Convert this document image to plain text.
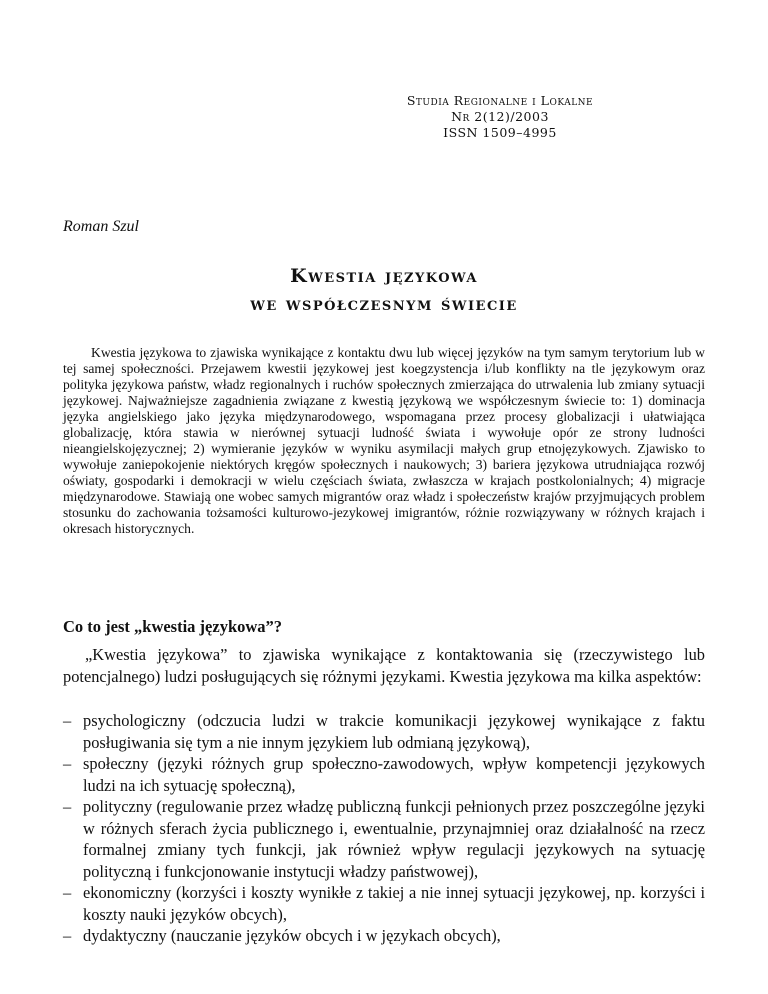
Studia Regionalne i Lokalne
Nr 2(12)/2003
ISSN 1509–4995
Roman Szul
Kwestia językowa
we współczesnym świecie

Kwestia językowa to zjawiska wynikające z kontaktu dwu lub więcej języków na tym samym terytorium lub w tej samej społeczności. Przejawem kwestii językowej jest koegzystencja i/lub konflikty na tle językowym oraz polityka językowa państw, władz regionalnych i ruchów społecznych zmierzająca do utrwalenia lub zmiany sytuacji językowej. Najważniejsze zagadnienia związane z kwestią językową we współczesnym świecie to: 1) dominacja języka angielskiego jako języka międzynarodowego, wspomagana przez procesy globalizacji i ułatwiająca globalizację, która stawia w nierównej sytuacji ludność świata i wywołuje opór ze strony ludności nieangielskojęzycznej; 2) wymieranie języków w wyniku asymilacji małych grup etnojęzykowych. Zjawisko to wywołuje zaniepokojenie niektórych kręgów społecznych i naukowych; 3) bariera językowa utrudniająca rozwój oświaty, gospodarki i demokracji w wielu częściach świata, zwłaszcza w krajach postkolonialnych; 4) migracje międzynarodowe. Stawiają one wobec samych migrantów oraz władz i społeczeństw krajów przyjmujących problem stosunku do zachowania tożsamości kulturowo-jezykowej imigrantów, różnie rozwiązywany w różnych krajach i okresach historycznych.

Co to jest „kwestia językowa”?

„Kwestia językowa” to zjawiska wynikające z kontaktowania się (rzeczywistego lub potencjalnego) ludzi posługujących się różnymi językami. Kwestia językowa ma kilka aspektów:

– psychologiczny (odczucia ludzi w trakcie komunikacji językowej wynikające z faktu posługiwania się tym a nie innym językiem lub odmianą językową),
– społeczny (języki różnych grup społeczno-zawodowych, wpływ kompetencji językowych ludzi na ich sytuację społeczną),
– polityczny (regulowanie przez władzę publiczną funkcji pełnionych przez poszczególne języki w różnych sferach życia publicznego i, ewentualnie, przynajmniej oraz działalność na rzecz formalnej zmiany tych funkcji, jak również wpływ regulacji językowych na sytuację polityczną i funkcjonowanie instytucji władzy państwowej),
– ekonomiczny (korzyści i koszty wynikłe z takiej a nie innej sytuacji językowej, np. korzyści i koszty nauki języków obcych),
– dydaktyczny (nauczanie języków obcych i w językach obcych),
